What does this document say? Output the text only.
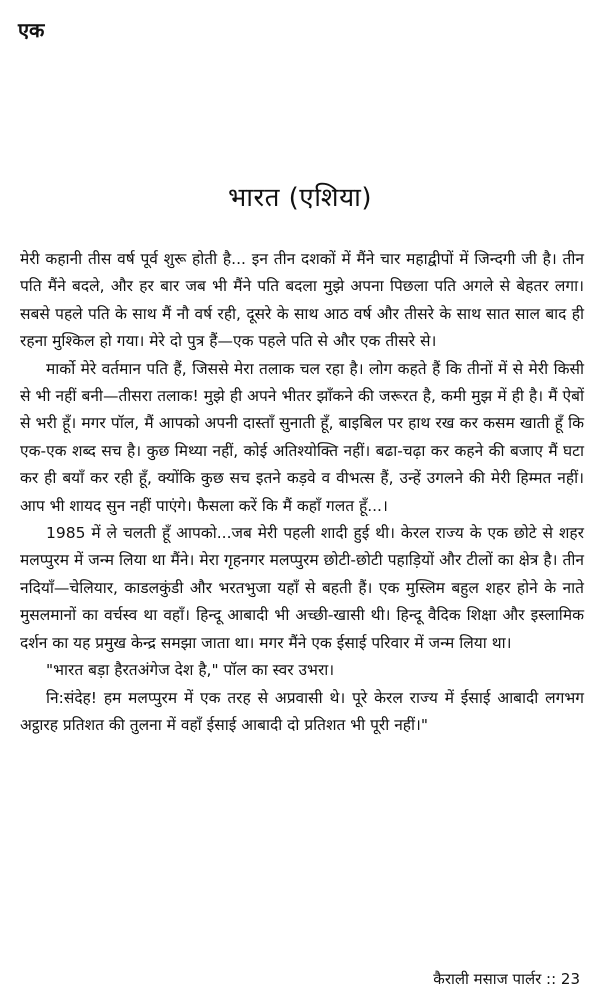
एक
भारत (एशिया)

मेरी कहानी तीस वर्ष पूर्व शुरू होती है... इन तीन दशकों में मैंने चार महाद्वीपों में जिन्दगी जी है। तीन पति मैंने बदले, और हर बार जब भी मैंने पति बदला मुझे अपना पिछला पति अगले से बेहतर लगा। सबसे पहले पति के साथ मैं नौ वर्ष रही, दूसरे के साथ आठ वर्ष और तीसरे के साथ सात साल बाद ही रहना मुश्किल हो गया। मेरे दो पुत्र हैं—एक पहले पति से और एक तीसरे से।

मार्को मेरे वर्तमान पति हैं, जिससे मेरा तलाक चल रहा है। लोग कहते हैं कि तीनों में से मेरी किसी से भी नहीं बनी—तीसरा तलाक! मुझे ही अपने भीतर झाँकने की जरूरत है, कमी मुझ में ही है। मैं ऐबों से भरी हूँ। मगर पॉल, मैं आपको अपनी दास्ताँ सुनाती हूँ, बाइबिल पर हाथ रख कर कसम खाती हूँ कि एक-एक शब्द सच है। कुछ मिथ्या नहीं, कोई अतिश्योक्ति नहीं। बढा-चढ़ा कर कहने की बजाए मैं घटा कर ही बयाँ कर रही हूँ, क्योंकि कुछ सच इतने कड़वे व वीभत्स हैं, उन्हें उगलने की मेरी हिम्मत नहीं। आप भी शायद सुन नहीं पाएंगे। फैसला करें कि मैं कहाँ गलत हूँ...।

1985 में ले चलती हूँ आपको...जब मेरी पहली शादी हुई थी। केरल राज्य के एक छोटे से शहर मलप्पुरम में जन्म लिया था मैंने। मेरा गृहनगर मलप्पुरम छोटी-छोटी पहाड़ियों और टीलों का क्षेत्र है। तीन नदियाँ—चेलियार, काडलकुंडी और भरतभुजा यहाँ से बहती हैं। एक मुस्लिम बहुल शहर होने के नाते मुसलमानों का वर्चस्व था वहाँ। हिन्दू आबादी भी अच्छी-खासी थी। हिन्दू वैदिक शिक्षा और इस्लामिक दर्शन का यह प्रमुख केन्द्र समझा जाता था। मगर मैंने एक ईसाई परिवार में जन्म लिया था।

"भारत बड़ा हैरतअंगेज देश है," पॉल का स्वर उभरा।

नि:संदेह! हम मलप्पुरम में एक तरह से अप्रवासी थे। पूरे केरल राज्य में ईसाई आबादी लगभग अट्ठारह प्रतिशत की तुलना में वहाँ ईसाई आबादी दो प्रतिशत भी पूरी नहीं।"

कैराली मसाज पार्लर :: 23
